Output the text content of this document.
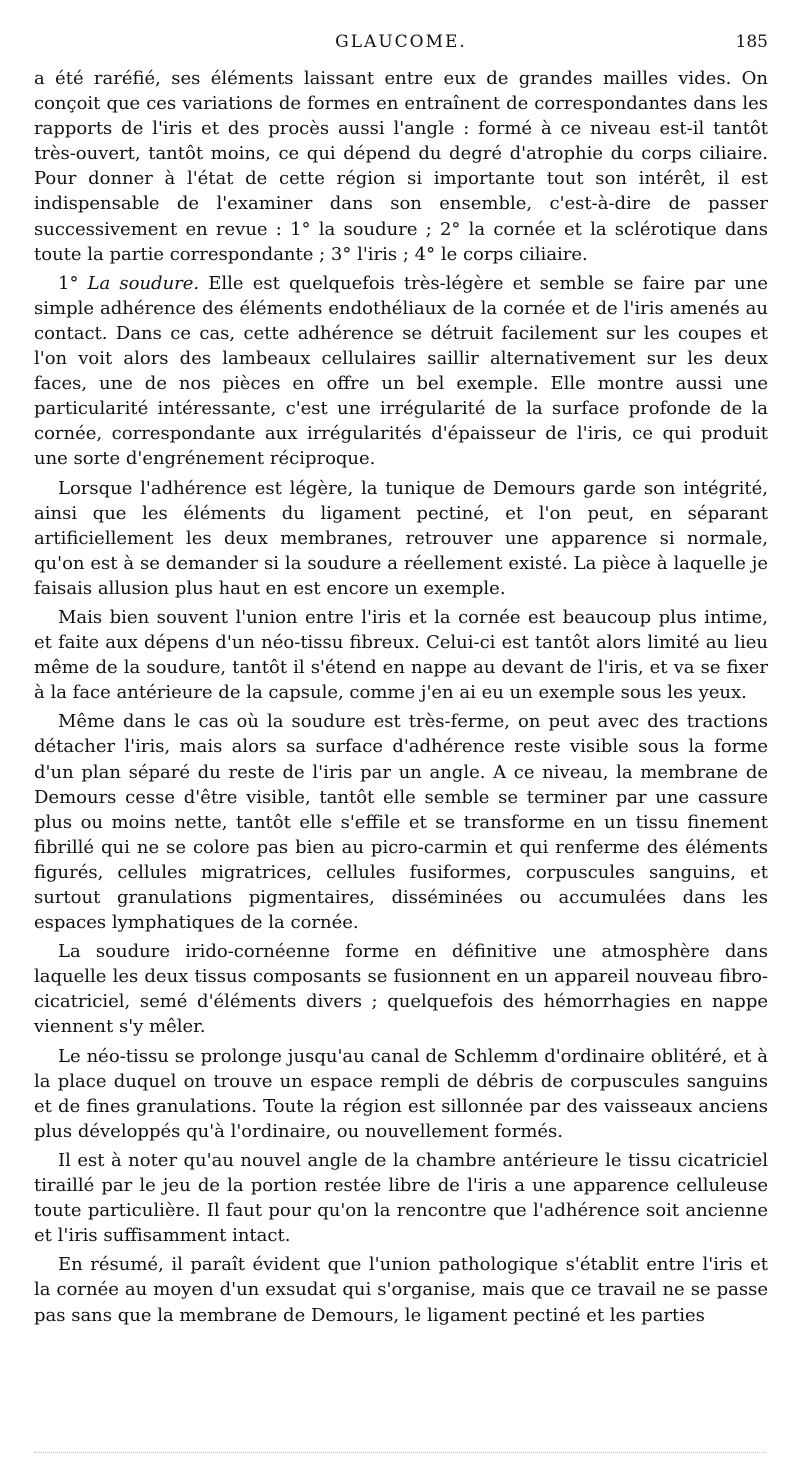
GLAUCOME.	185

a été raréfié, ses éléments laissant entre eux de grandes mailles vides. On conçoit que ces variations de formes en entraînent de correspondantes dans les rapports de l'iris et des procès aussi l'angle : formé à ce niveau est-il tantôt très-ouvert, tantôt moins, ce qui dépend du degré d'atrophie du corps ciliaire. Pour donner à l'état de cette région si importante tout son intérêt, il est indispensable de l'examiner dans son ensemble, c'est-à-dire de passer successivement en revue : 1° la soudure ; 2° la cornée et la sclérotique dans toute la partie correspondante ; 3° l'iris ; 4° le corps ciliaire.

1° La soudure. Elle est quelquefois très-légère et semble se faire par une simple adhérence des éléments endothéliaux de la cornée et de l'iris amenés au contact. Dans ce cas, cette adhérence se détruit facilement sur les coupes et l'on voit alors des lambeaux cellulaires saillir alternativement sur les deux faces, une de nos pièces en offre un bel exemple. Elle montre aussi une particularité intéressante, c'est une irrégularité de la surface profonde de la cornée, correspondante aux irrégularités d'épaisseur de l'iris, ce qui produit une sorte d'engrénement réciproque.

Lorsque l'adhérence est légère, la tunique de Demours garde son intégrité, ainsi que les éléments du ligament pectiné, et l'on peut, en séparant artificiellement les deux membranes, retrouver une apparence si normale, qu'on est à se demander si la soudure a réellement existé. La pièce à laquelle je faisais allusion plus haut en est encore un exemple.

Mais bien souvent l'union entre l'iris et la cornée est beaucoup plus intime, et faite aux dépens d'un néo-tissu fibreux. Celui-ci est tantôt alors limité au lieu même de la soudure, tantôt il s'étend en nappe au devant de l'iris, et va se fixer à la face antérieure de la capsule, comme j'en ai eu un exemple sous les yeux.

Même dans le cas où la soudure est très-ferme, on peut avec des tractions détacher l'iris, mais alors sa surface d'adhérence reste visible sous la forme d'un plan séparé du reste de l'iris par un angle. A ce niveau, la membrane de Demours cesse d'être visible, tantôt elle semble se terminer par une cassure plus ou moins nette, tantôt elle s'effile et se transforme en un tissu finement fibrillé qui ne se colore pas bien au picro-carmin et qui renferme des éléments figurés, cellules migratrices, cellules fusiformes, corpuscules sanguins, et surtout granulations pigmentaires, disséminées ou accumulées dans les espaces lymphatiques de la cornée.

La soudure irido-cornéenne forme en définitive une atmosphère dans laquelle les deux tissus composants se fusionnent en un appareil nouveau fibro-cicatriciel, semé d'éléments divers ; quelquefois des hémorrhagies en nappe viennent s'y mêler.

Le néo-tissu se prolonge jusqu'au canal de Schlemm d'ordinaire oblitéré, et à la place duquel on trouve un espace rempli de débris de corpuscules sanguins et de fines granulations. Toute la région est sillonnée par des vaisseaux anciens plus développés qu'à l'ordinaire, ou nouvellement formés.

Il est à noter qu'au nouvel angle de la chambre antérieure le tissu cicatriciel tiraillé par le jeu de la portion restée libre de l'iris a une apparence celluleuse toute particulière. Il faut pour qu'on la rencontre que l'adhérence soit ancienne et l'iris suffisamment intact.

En résumé, il paraît évident que l'union pathologique s'établit entre l'iris et la cornée au moyen d'un exsudat qui s'organise, mais que ce travail ne se passe pas sans que la membrane de Demours, le ligament pectiné et les parties
